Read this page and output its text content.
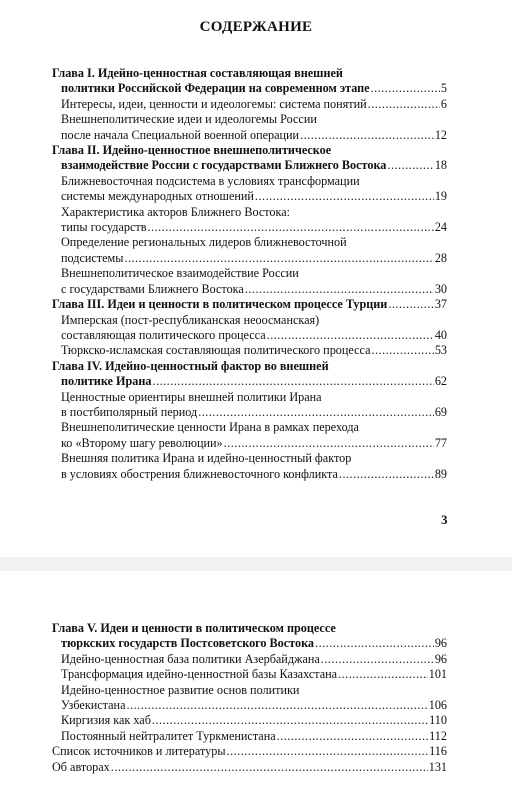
СОДЕРЖАНИЕ
Глава I. Идейно-ценностная составляющая внешней
политики Российской Федерации на современном этапе .....	5
Интересы, идеи, ценности и идеологемы: система понятий .....	6
Внешнеполитические идеи и идеологемы России
после начала Специальной военной операции .....	12
Глава II. Идейно-ценностное внешнеполитическое
взаимодействие России с государствами Ближнего Востока .....	18
Ближневосточная подсистема в условиях трансформации
системы международных отношений .....	19
Характеристика акторов Ближнего Востока:
типы государств .....	24
Определение региональных лидеров ближневосточной
подсистемы .....	28
Внешнеполитическое взаимодействие России
с государствами Ближнего Востока .....	30
Глава III. Идеи и ценности в политическом процессе Турции .....	37
Имперская (пост-республиканская неоосманская)
составляющая политического процесса .....	40
Тюркско-исламская составляющая политического процесса .....	53
Глава IV. Идейно-ценностный фактор во внешней
политике Ирана .....	62
Ценностные ориентиры внешней политики Ирана
в постбиполярный период .....	69
Внешнеполитические ценности Ирана в рамках перехода
ко «Второму шагу революции» .....	77
Внешняя политика Ирана и идейно-ценностный фактор
в условиях обострения ближневосточного конфликта .....	89
3
Глава V. Идеи и ценности в политическом процессе
тюркских государств Постсоветского Востока .....	96
Идейно-ценностная база политики Азербайджана .....	96
Трансформация идейно-ценностной базы Казахстана .....	101
Идейно-ценностное развитие основ политики
Узбекистана .....	106
Киргизия как хаб .....	110
Постоянный нейтралитет Туркменистана .....	112
Список источников и литературы .....	116
Об авторах .....	131
